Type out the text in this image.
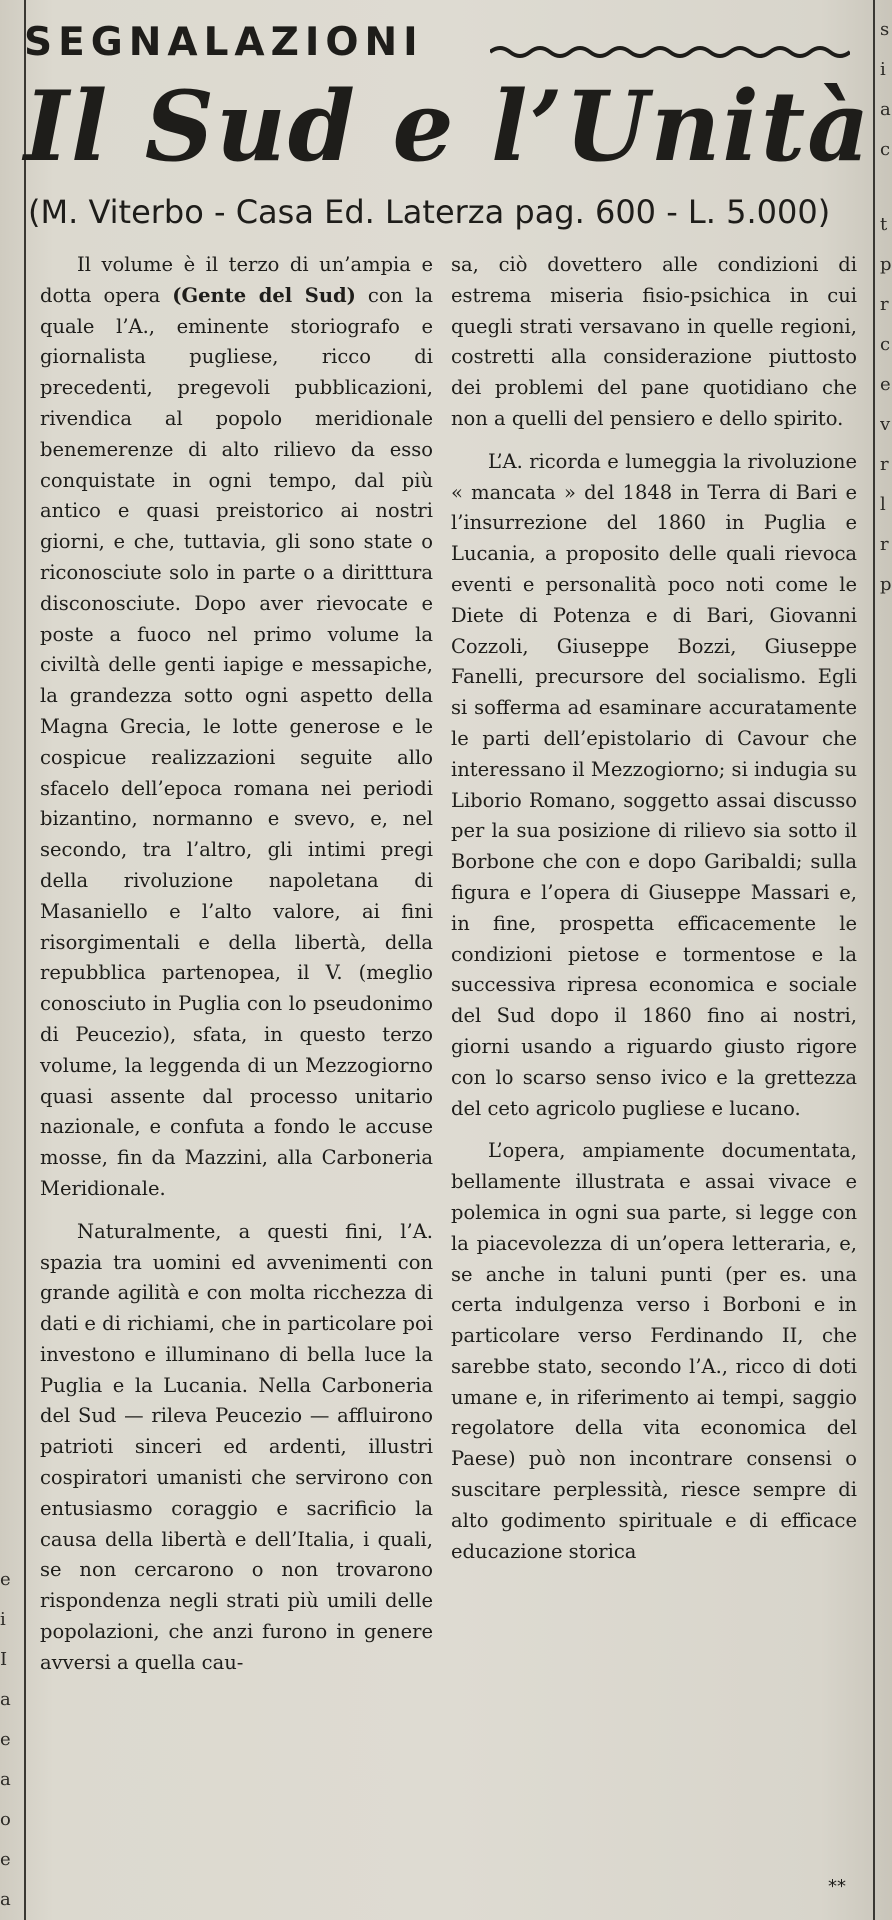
SEGNALAZIONI
Il Sud e l’Unità
(M. Viterbo - Casa Ed. Laterza pag. 600 - L. 5.000)

Il volume è il terzo di un’ampia e dotta opera (Gente del Sud) con la quale l’A., eminente storiografo e giornalista pugliese, ricco di precedenti, pregevoli pubblicazioni, rivendica al popolo meridionale benemerenze di alto rilievo da esso conquistate in ogni tempo, dal più antico e quasi preistorico ai nostri giorni, e che, tuttavia, gli sono state o riconosciute solo in parte o a diritttura disconosciute. Dopo aver rievocate e poste a fuoco nel primo volume la civiltà delle genti iapige e messapiche, la grandezza sotto ogni aspetto della Magna Grecia, le lotte generose e le cospicue realizzazioni seguite allo sfacelo dell’epoca romana nei periodi bizantino, normanno e svevo, e, nel secondo, tra l’altro, gli intimi pregi della rivoluzione napoletana di Masaniello e l’alto valore, ai fini risorgimentali e della libertà, della repubblica partenopea, il V. (meglio conosciuto in Puglia con lo pseudonimo di Peucezio), sfata, in questo terzo volume, la leggenda di un Mezzogiorno quasi assente dal processo unitario nazionale, e confuta a fondo le accuse mosse, fin da Mazzini, alla Carboneria Meridionale.

Naturalmente, a questi fini, l’A. spazia tra uomini ed avvenimenti con grande agilità e con molta ricchezza di dati e di richiami, che in particolare poi investono e illuminano di bella luce la Puglia e la Lucania. Nella Carboneria del Sud — rileva Peucezio — affluirono patrioti sinceri ed ardenti, illustri cospiratori umanisti che servirono con entusiasmo coraggio e sacrificio la causa della libertà e dell’Italia, i quali, se non cercarono o non trovarono rispondenza negli strati più umili delle popolazioni, che anzi furono in genere avversi a quella cau-

sa, ciò dovettero alle condizioni di estrema miseria fisio-psichica in cui quegli strati versavano in quelle regioni, costretti alla considerazione piuttosto dei problemi del pane quotidiano che non a quelli del pensiero e dello spirito.

L’A. ricorda e lumeggia la rivoluzione « mancata » del 1848 in Terra di Bari e l’insurrezione del 1860 in Puglia e Lucania, a proposito delle quali rievoca eventi e personalità poco noti come le Diete di Potenza e di Bari, Giovanni Cozzoli, Giuseppe Bozzi, Giuseppe Fanelli, precursore del socialismo. Egli si sofferma ad esaminare accuratamente le parti dell’epistolario di Cavour che interessano il Mezzogiorno; si indugia su Liborio Romano, soggetto assai discusso per la sua posizione di rilievo sia sotto il Borbone che con e dopo Garibaldi; sulla figura e l’opera di Giuseppe Massari e, in fine, prospetta efficacemente le condizioni pietose e tormentose e la successiva ripresa economica e sociale del Sud dopo il 1860 fino ai nostri, giorni usando a riguardo giusto rigore con lo scarso senso ivico e la grettezza del ceto agricolo pugliese e lucano.

L’opera, ampiamente documentata, bellamente illustrata e assai vivace e polemica in ogni sua parte, si legge con la piacevolezza di un’opera letteraria, e, se anche in taluni punti (per es. una certa indulgenza verso i Borboni e in particolare verso Ferdinando II, che sarebbe stato, secondo l’A., ricco di doti umane e, in riferimento ai tempi, saggio regolatore della vita economica del Paese) può non incontrare consensi o suscitare perplessità, riesce sempre di alto godimento spirituale e di efficace educazione storica

**
s
i
a
c
t
p
r
c
e
v
r
l
r
p
e
i
I
a
e
a
o
e
a
